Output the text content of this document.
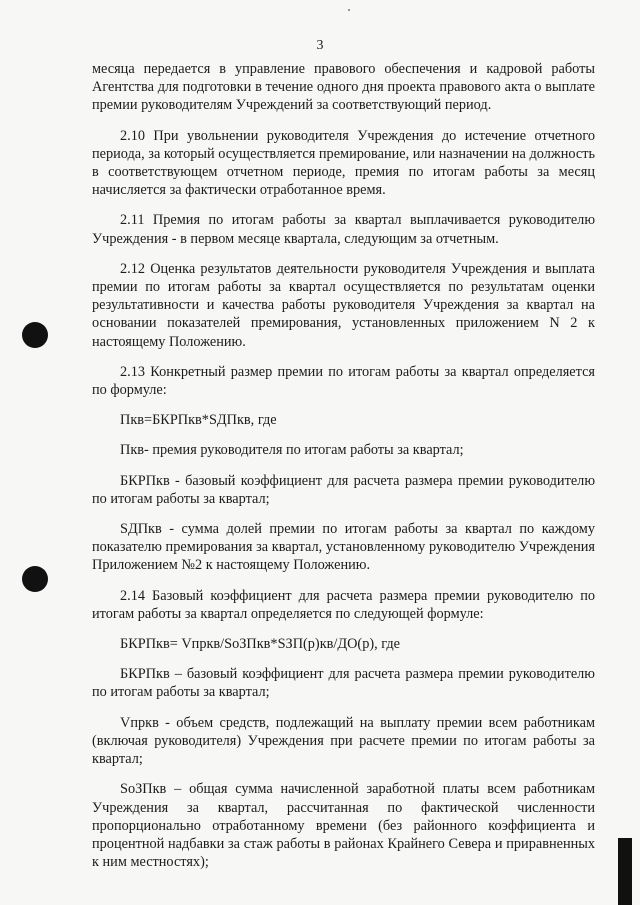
3

месяца передается в управление правового обеспечения и кадровой работы Агентства для подготовки в течение одного дня проекта правового акта о выплате премии руководителям Учреждений за соответствующий период.

2.10 При увольнении руководителя Учреждения до истечение отчетного периода, за который осуществляется премирование, или назначении на должность в соответствующем отчетном периоде, премия по итогам работы за месяц начисляется за фактически отработанное время.

2.11 Премия по итогам работы за квартал выплачивается руководителю Учреждения - в первом месяце квартала, следующим за отчетным.

2.12 Оценка результатов деятельности руководителя Учреждения и выплата премии по итогам работы за квартал осуществляется по результатам оценки результативности и качества работы руководителя Учреждения за квартал на основании показателей премирования, установленных приложением N 2 к настоящему Положению.

2.13 Конкретный размер премии по итогам работы за квартал определяется по формуле:

Пкв=БКРПкв*SДПкв, где

Пкв- премия руководителя по итогам работы за квартал;

БКРПкв - базовый коэффициент для расчета размера премии руководителю по итогам работы за квартал;

SДПкв - сумма долей премии по итогам работы за квартал по каждому показателю премирования за квартал, установленному руководителю Учреждения Приложением №2 к настоящему Положению.

2.14 Базовый коэффициент для расчета размера премии руководителю по итогам работы за квартал определяется по следующей формуле:

БКРПкв= Vпркв/SoЗПкв*SЗП(р)кв/ДО(р), где

БКРПкв – базовый коэффициент для расчета размера премии руководителю по итогам работы за квартал;

Vпркв - объем средств, подлежащий на выплату премии всем работникам (включая руководителя) Учреждения при расчете премии по итогам работы за квартал;

SoЗПкв – общая сумма начисленной заработной платы всем работникам Учреждения за квартал, рассчитанная по фактической численности пропорционально отработанному времени (без районного коэффициента и процентной надбавки за стаж работы в районах Крайнего Севера и приравненных к ним местностях);
